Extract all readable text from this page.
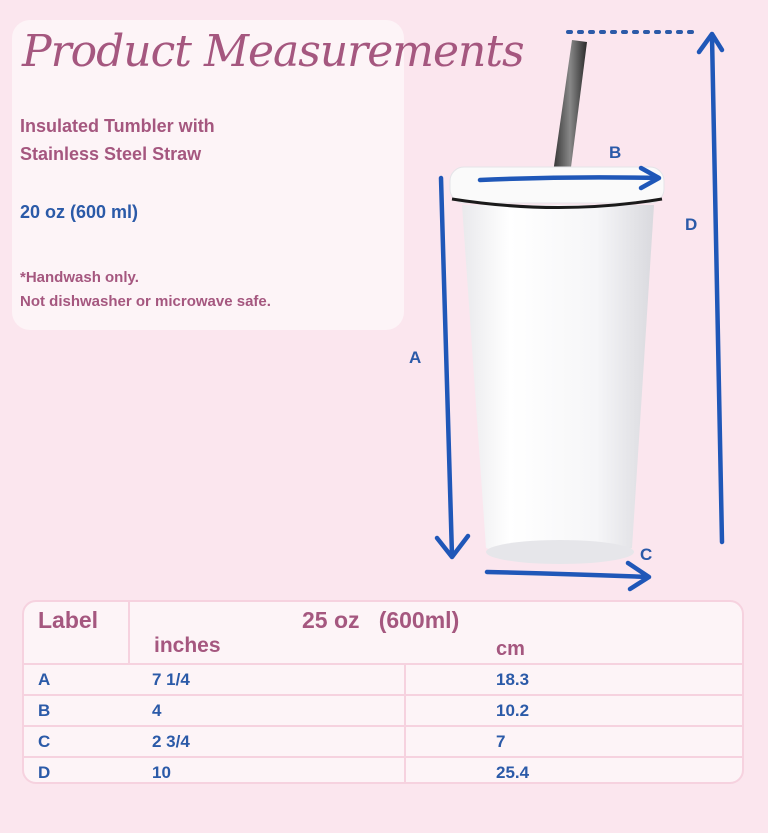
Product Measurements
Insulated Tumbler with
Stainless Steel Straw
20 oz (600 ml)
*Handwash only.
Not dishwasher or microwave safe.
A
B
C
D
Label	25 oz   (600ml)
inches	cm
A	7 1/4	18.3
B	4	10.2
C	2 3/4	7
D	10	25.4
